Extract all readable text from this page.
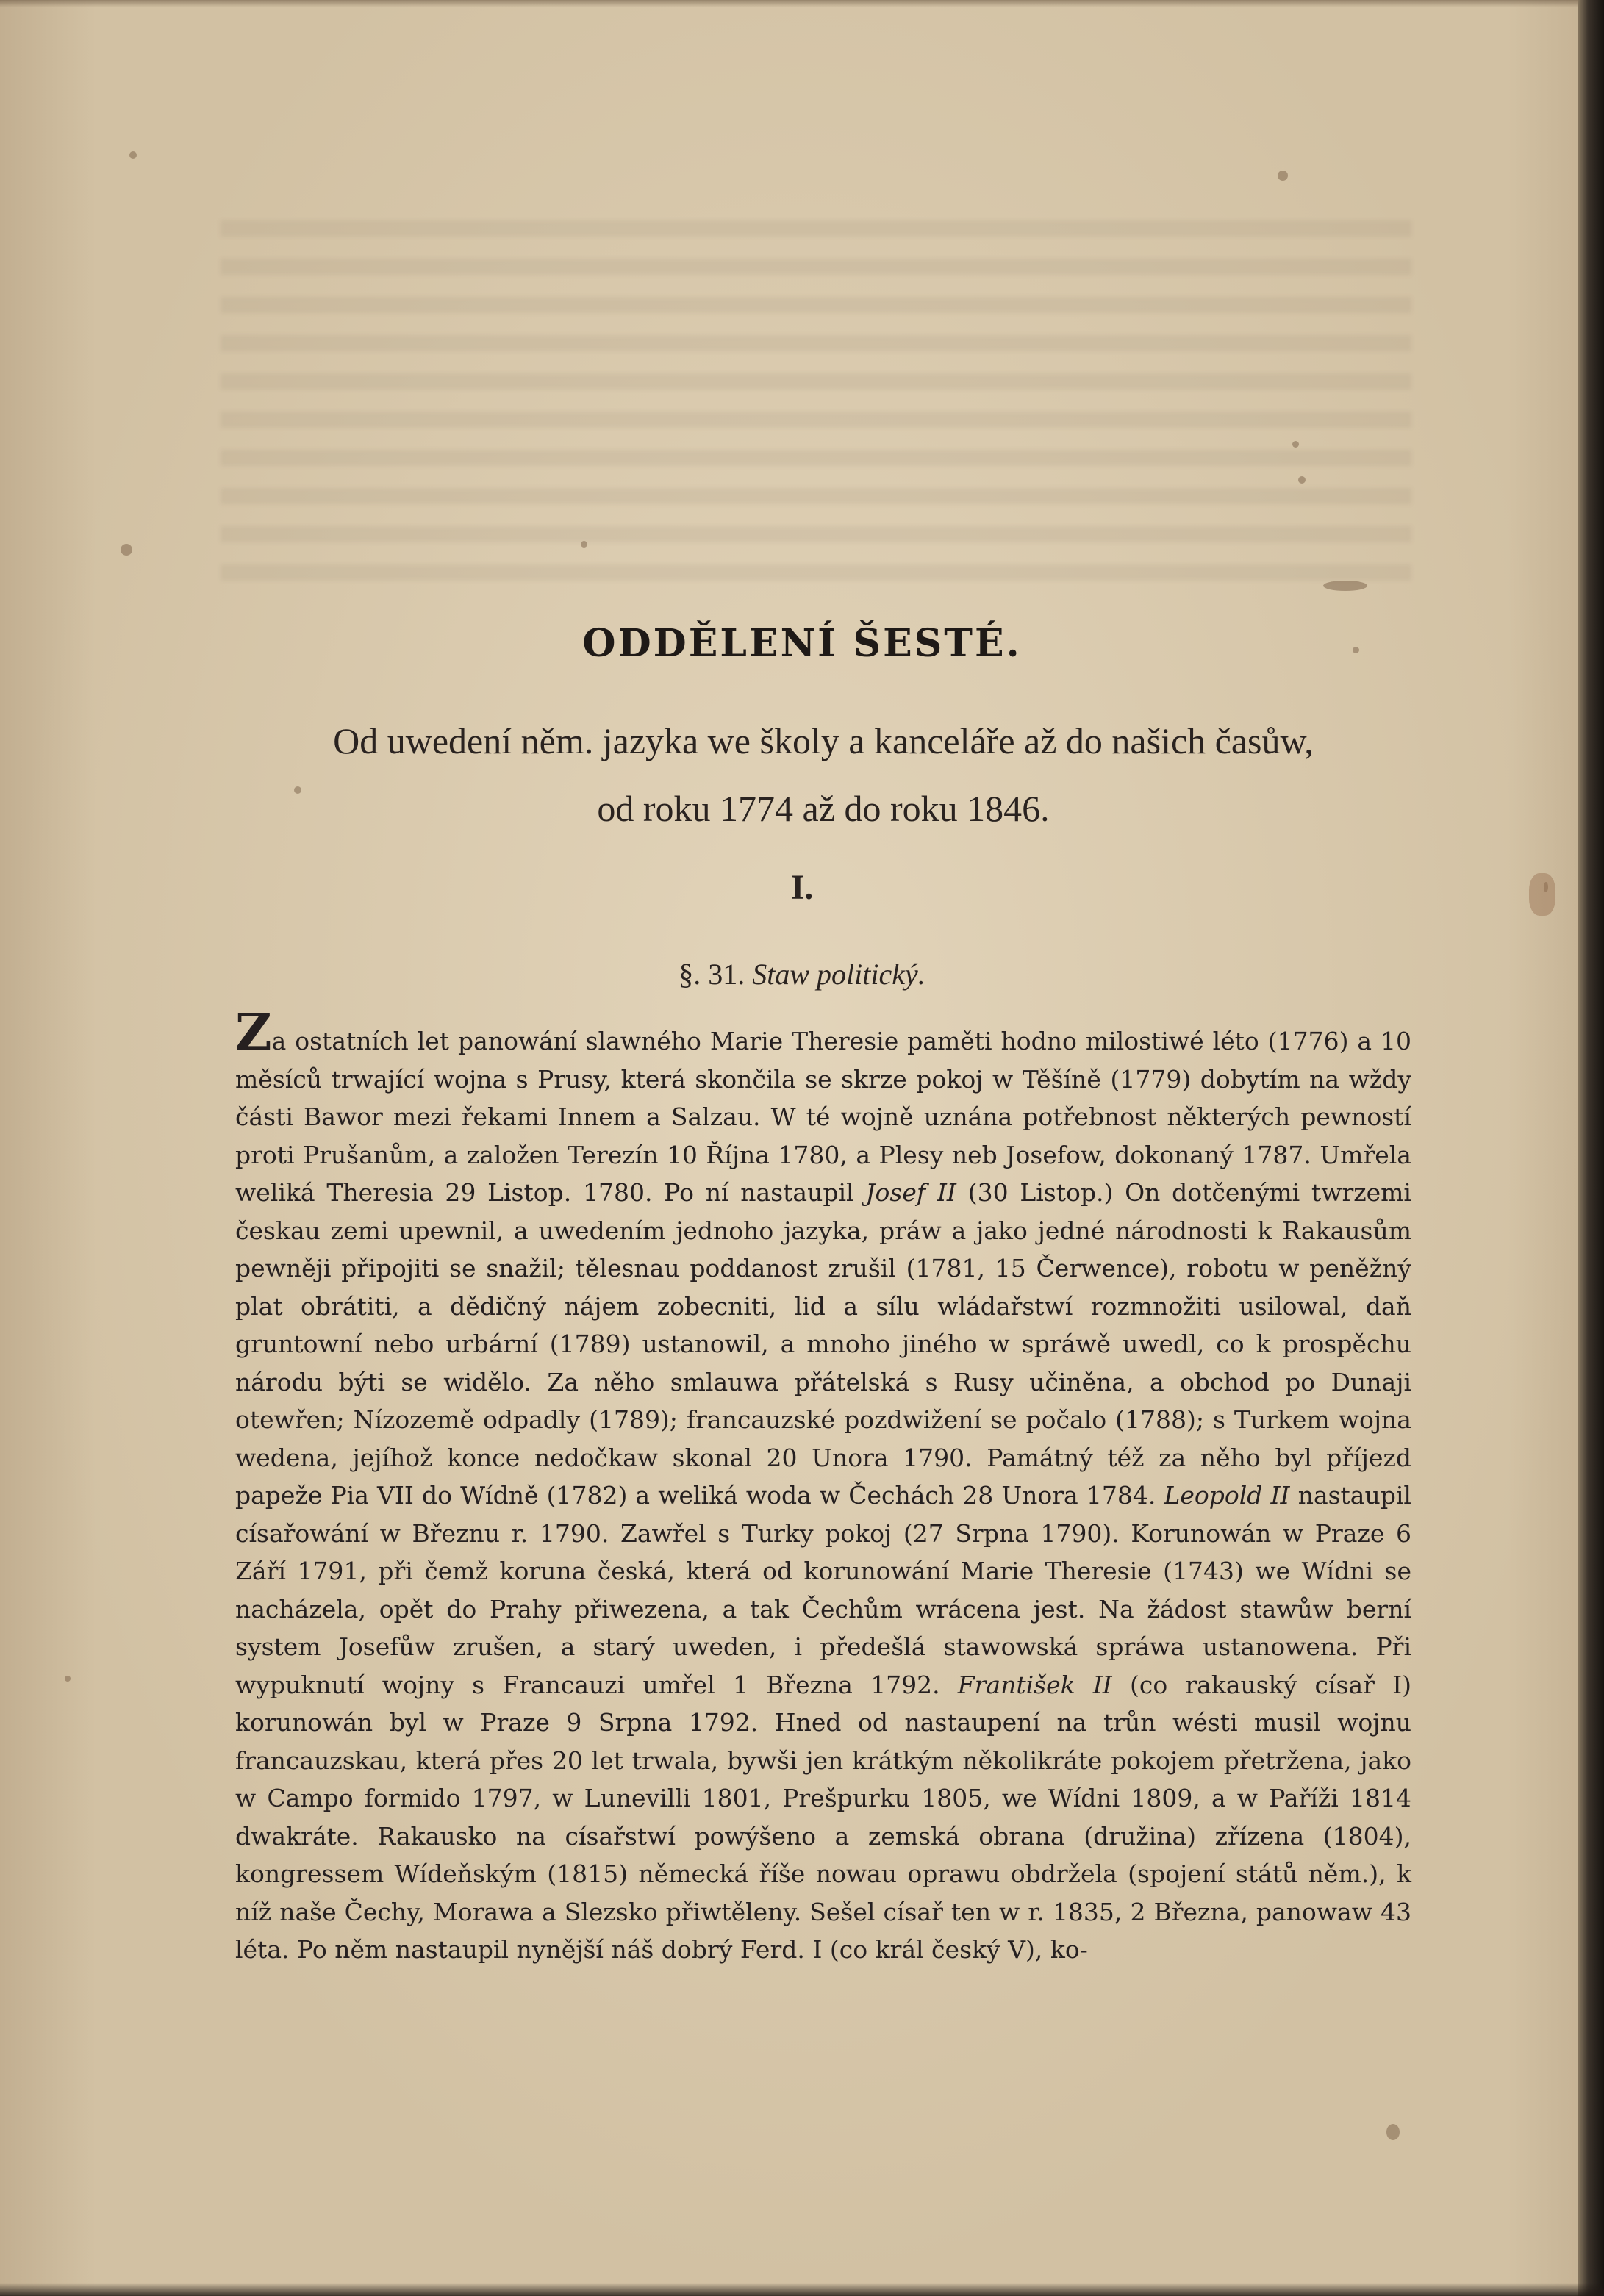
ODDĚLENÍ ŠESTÉ.
Od uwedení něm. jazyka we školy a kanceláře až do našich časůw,
od roku 1774 až do roku 1846.
I.
§. 31. Staw politický.
Za ostatních let panowání slawného Marie Theresie paměti hodno milostiwé léto (1776) a 10 měsíců trwající wojna s Prusy, která skončila se skrze pokoj w Těšíně (1779) dobytím na wždy části Bawor mezi řekami Innem a Salzau. W té wojně uznána potřebnost některých pewností proti Prušanům, a založen Terezín 10 Října 1780, a Plesy neb Josefow, dokonaný 1787. Umřela weliká Theresia 29 Listop. 1780. Po ní nastaupil Josef II (30 Listop.) On dotčenými twrzemi českau zemi upewnil, a uwedením jednoho jazyka, práw a jako jedné národnosti k Rakausům pewněji připojiti se snažil; tělesnau poddanost zrušil (1781, 15 Čerwence), robotu w peněžný plat obrátiti, a dědičný nájem zobecniti, lid a sílu wládařstwí rozmnožiti usilowal, daň gruntowní nebo urbární (1789) ustanowil, a mnoho jiného w spráwě uwedl, co k prospěchu národu býti se widělo. Za něho smlauwa přátelská s Rusy učiněna, a obchod po Dunaji otewřen; Nízozemě odpadly (1789); francauzské pozdwižení se počalo (1788); s Turkem wojna wedena, jejíhož konce nedočkaw skonal 20 Unora 1790. Památný též za něho byl příjezd papeže Pia VII do Wídně (1782) a weliká woda w Čechách 28 Unora 1784. Leopold II nastaupil císařowání w Březnu r. 1790. Zawřel s Turky pokoj (27 Srpna 1790). Korunowán w Praze 6 Září 1791, při čemž koruna česká, která od korunowání Marie Theresie (1743) we Wídni se nacházela, opět do Prahy přiwezena, a tak Čechům wrácena jest. Na žádost stawůw berní system Josefůw zrušen, a starý uweden, i předešlá stawowská spráwa ustanowena. Při wypuknutí wojny s Francauzi umřel 1 Března 1792. František II (co rakauský císař I) korunowán byl w Praze 9 Srpna 1792. Hned od nastaupení na trůn wésti musil wojnu francauzskau, která přes 20 let trwala, bywši jen krátkým několikráte pokojem přetržena, jako w Campo formido 1797, w Lunevilli 1801, Prešpurku 1805, we Wídni 1809, a w Paříži 1814 dwakráte. Rakausko na císařstwí powýšeno a zemská obrana (družina) zřízena (1804), kongressem Wídeňským (1815) německá říše nowau oprawu obdržela (spojení států něm.), k níž naše Čechy, Morawa a Slezsko přiwtěleny. Sešel císař ten w r. 1835, 2 Března, panowaw 43 léta. Po něm nastaupil nynější náš dobrý Ferd. I (co král český V), ko-
